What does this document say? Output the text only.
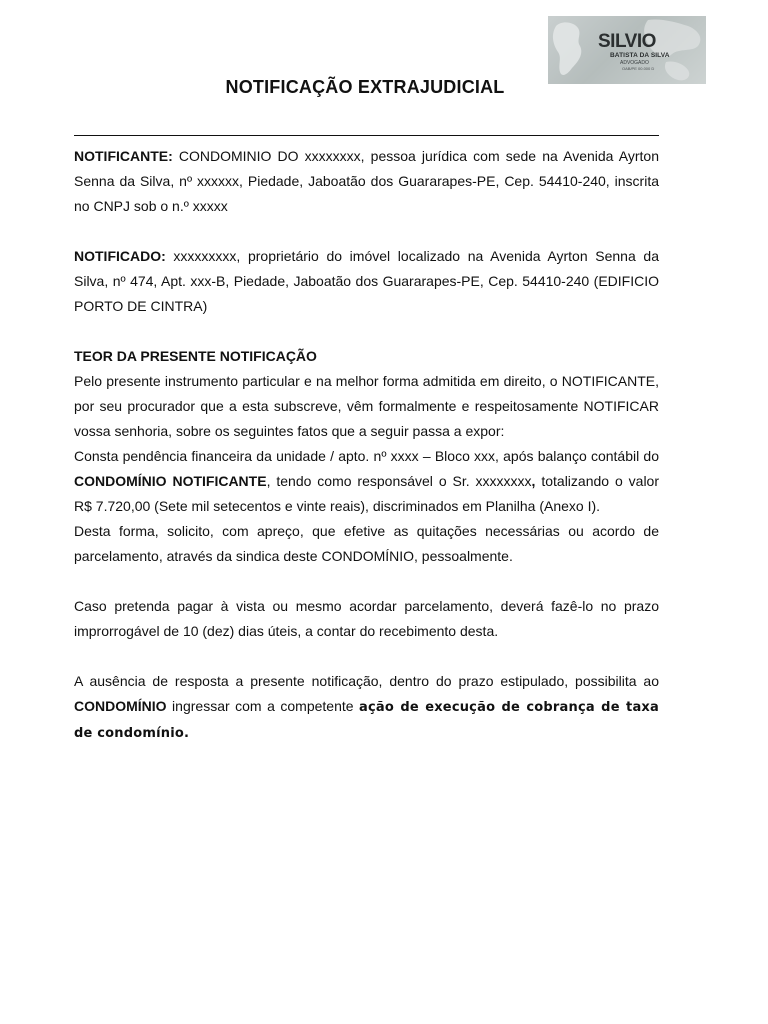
SILVIO
BATISTA DA SILVA
ADVOGADO
OAB/PE 00.000 D
NOTIFICAÇÃO EXTRAJUDICIAL

NOTIFICANTE: CONDOMINIO DO xxxxxxxx, pessoa jurídica com sede na Avenida Ayrton Senna da Silva, nº xxxxxx, Piedade, Jaboatão dos Guararapes-PE, Cep. 54410-240, inscrita no CNPJ sob o n.º xxxxx

NOTIFICADO: xxxxxxxxx, proprietário do imóvel localizado na Avenida Ayrton Senna da Silva, nº 474, Apt. xxx-B, Piedade, Jaboatão dos Guararapes-PE, Cep. 54410-240 (EDIFICIO PORTO DE CINTRA)

TEOR DA PRESENTE NOTIFICAÇÃO

Pelo presente instrumento particular e na melhor forma admitida em direito, o NOTIFICANTE, por seu procurador que a esta subscreve, vêm formalmente e respeitosamente NOTIFICAR vossa senhoria, sobre os seguintes fatos que a seguir passa a expor:

Consta pendência financeira da unidade / apto. nº xxxx – Bloco xxx, após balanço contábil do CONDOMÍNIO NOTIFICANTE, tendo como responsável o Sr. xxxxxxxx, totalizando o valor R$ 7.720,00 (Sete mil setecentos e vinte reais), discriminados em Planilha (Anexo I).

Desta forma, solicito, com apreço, que efetive as quitações necessárias ou acordo de parcelamento, através da sindica deste CONDOMÍNIO, pessoalmente.

Caso pretenda pagar à vista ou mesmo acordar parcelamento, deverá fazê-lo no prazo improrrogável de 10 (dez) dias úteis, a contar do recebimento desta.

A ausência de resposta a presente notificação, dentro do prazo estipulado, possibilita ao CONDOMÍNIO ingressar com a competente ação de execução de cobrança de taxa de condomínio.
